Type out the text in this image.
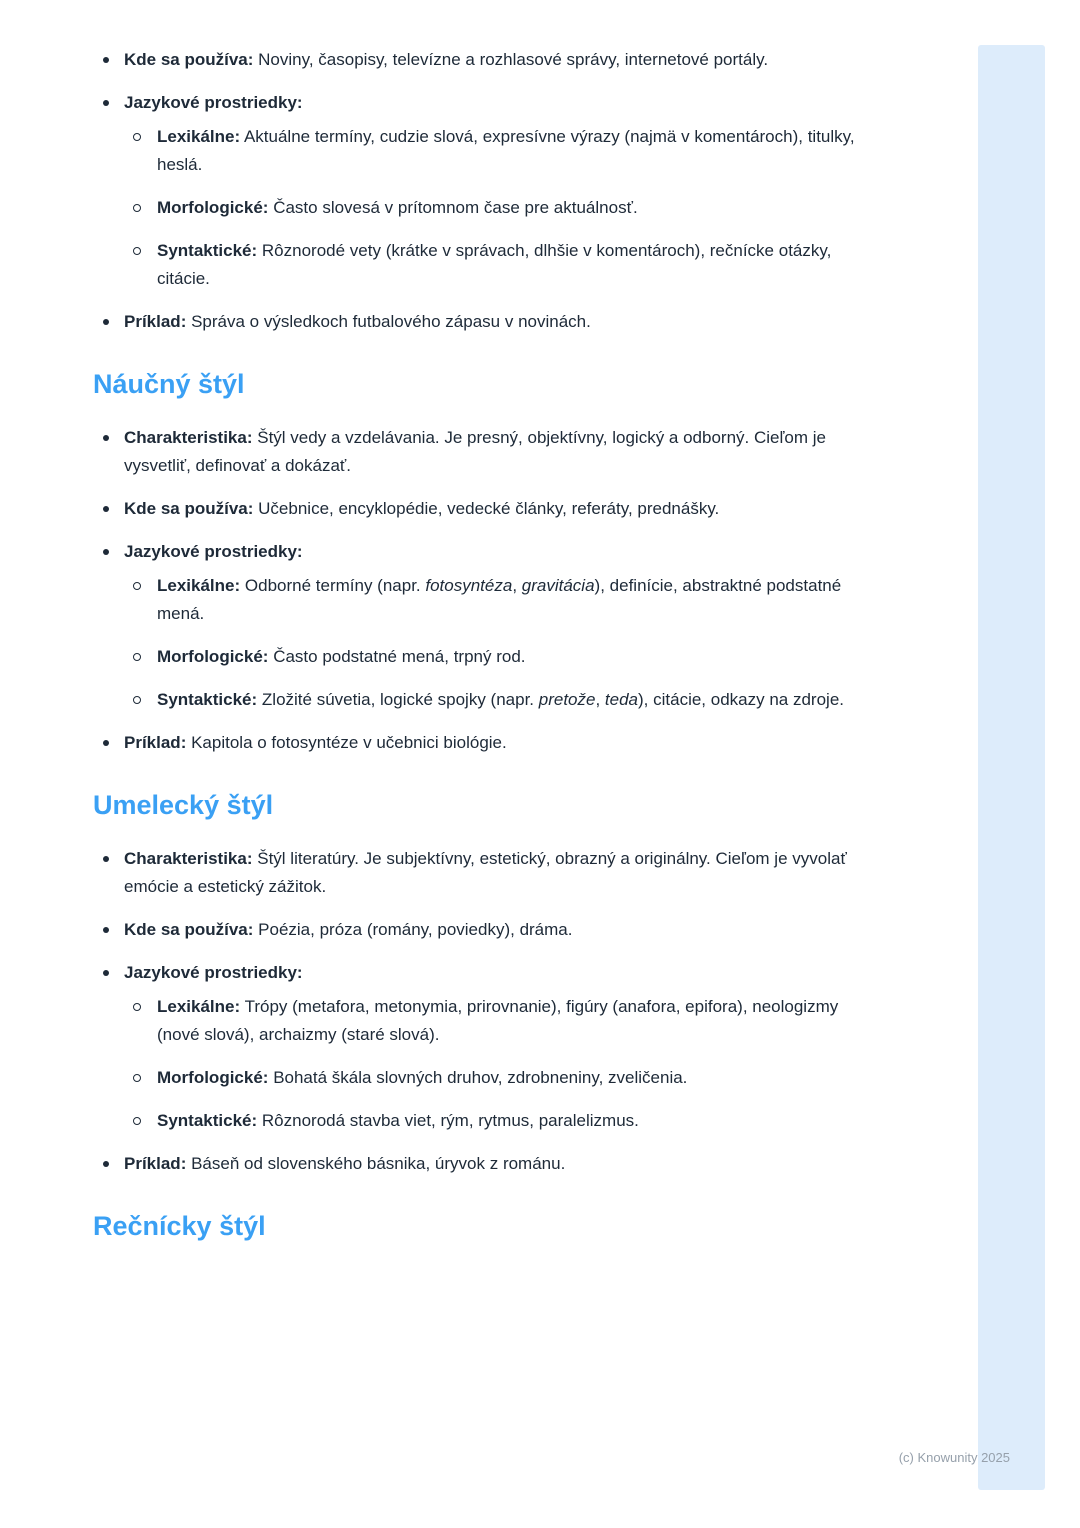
Kde sa používa: Noviny, časopisy, televízne a rozhlasové správy, internetové portály.
Jazykové prostriedky:
Lexikálne: Aktuálne termíny, cudzie slová, expresívne výrazy (najmä v komentároch), titulky, heslá.
Morfologické: Často slovesá v prítomnom čase pre aktuálnosť.
Syntaktické: Rôznorodé vety (krátke v správach, dlhšie v komentároch), rečnícke otázky, citácie.
Príklad: Správa o výsledkoch futbalového zápasu v novinách.
Náučný štýl
Charakteristika: Štýl vedy a vzdelávania. Je presný, objektívny, logický a odborný. Cieľom je vysvetliť, definovať a dokázať.
Kde sa používa: Učebnice, encyklopédie, vedecké články, referáty, prednášky.
Jazykové prostriedky:
Lexikálne: Odborné termíny (napr. fotosyntéza, gravitácia), definície, abstraktné podstatné mená.
Morfologické: Často podstatné mená, trpný rod.
Syntaktické: Zložité súvetia, logické spojky (napr. pretože, teda), citácie, odkazy na zdroje.
Príklad: Kapitola o fotosyntéze v učebnici biológie.
Umelecký štýl
Charakteristika: Štýl literatúry. Je subjektívny, estetický, obrazný a originálny. Cieľom je vyvolať emócie a estetický zážitok.
Kde sa používa: Poézia, próza (romány, poviedky), dráma.
Jazykové prostriedky:
Lexikálne: Trópy (metafora, metonymia, prirovnanie), figúry (anafora, epifora), neologizmy (nové slová), archaizmy (staré slová).
Morfologické: Bohatá škála slovných druhov, zdrobneniny, zveličenia.
Syntaktické: Rôznorodá stavba viet, rým, rytmus, paralelizmus.
Príklad: Báseň od slovenského básnika, úryvok z románu.
Rečnícky štýl
(c) Knowunity 2025
